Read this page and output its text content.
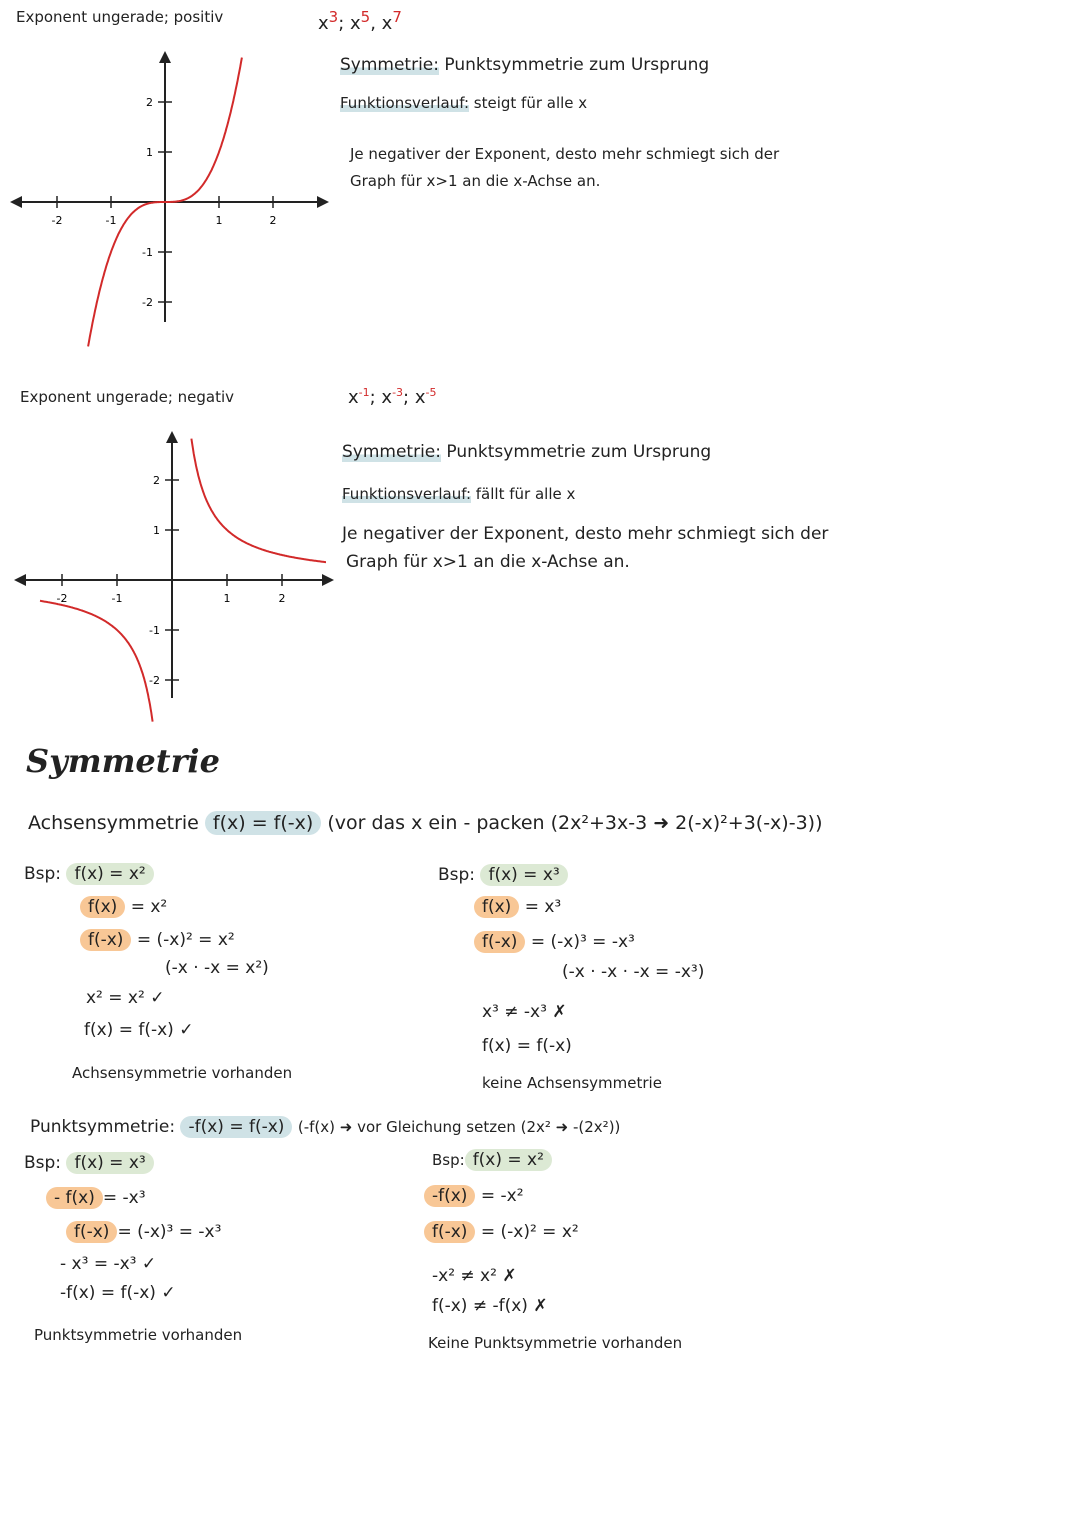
Exponent ungerade; positiv	$x^3$; $x^5$, $x^7$
Symmetrie: Punktsymmetrie zum Ursprung
Funktionsverlauf: steigt für alle x
Je negativer der Exponent, desto mehr schmiegt sich der
Graph für x>1 an die x-Achse an.
-2	-1	1	2
2
1
-1
-2
Exponent ungerade; negativ	$x^{-1}$; $x^{-3}$; $x^{-5}$
Symmetrie: Punktsymmetrie zum Ursprung
Funktionsverlauf: fällt für alle x
Je negativer der Exponent, desto mehr schmiegt sich der
Graph für x>1 an die x-Achse an.
-2	-1	1	2
2
1
-1
-2
Symmetrie
Achsensymmetrie f(x) = f(-x) (vor das x ein - packen (2x²+3x-3 ➜ 2(-x)²+3(-x)-3))
Bsp: f(x) = x²
f(x) = x²
f(-x) = (-x)² = x²
(-x · -x = x²)
x² = x² ✓
f(x) = f(-x) ✓
Achsensymmetrie vorhanden
Bsp: f(x) = x³
f(x) = x³
f(-x) = (-x)³ = -x³
(-x · -x · -x = -x³)
x³ ≠ -x³ ✗
f(x) = f(-x)
keine Achsensymmetrie
Punktsymmetrie: -f(x) = f(-x) (-f(x) ➜ vor Gleichung setzen (2x² ➜ -(2x²))
Bsp: f(x) = x³
- f(x) = -x³
f(-x) = (-x)³ = -x³
- x³ = -x³ ✓
-f(x) = f(-x) ✓
Punktsymmetrie vorhanden
Bsp: f(x) = x²
-f(x) = -x²
f(-x) = (-x)² = x²
-x² ≠ x² ✗
f(-x) ≠ -f(x) ✗
Keine Punktsymmetrie vorhanden
